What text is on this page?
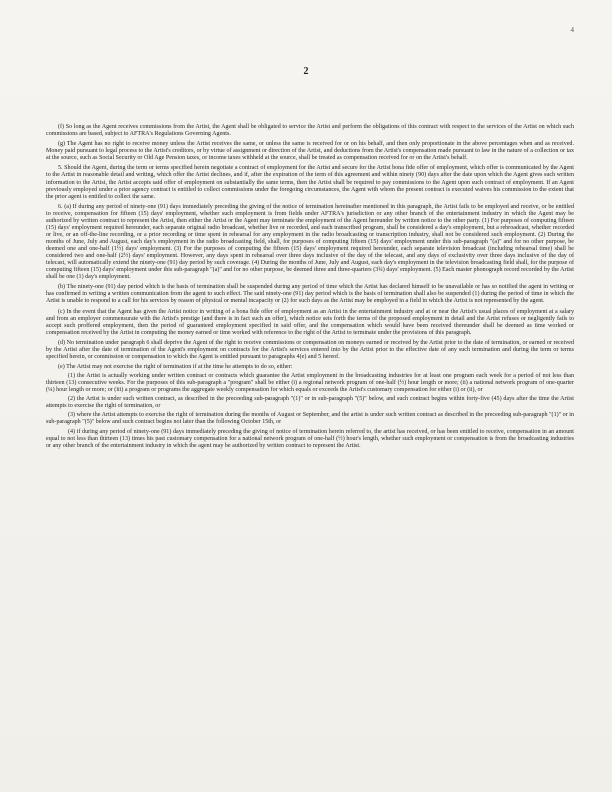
4
2

(f) So long as the Agent receives commissions from the Artist, the Agent shall be obligated to service the Artist and perform the obligations of this contract with respect to the services of the Artist on which such commissions are based, subject to AFTRA's Regulations Governing Agents.

(g) The Agent has no right to receive money unless the Artist receives the same, or unless the same is received for or on his behalf, and then only proportionate in the above percentages when and as received. Money paid pursuant to legal process to the Artist's creditors, or by virtue of assignment or direction of the Artist, and deductions from the Artist's compensation made pursuant to law in the nature of a collection or tax at the source, such as Social Security or Old Age Pension taxes, or income taxes withheld at the source, shall be treated as compensation received for or on the Artist's behalf.

5. Should the Agent, during the term or terms specified herein negotiate a contract of employment for the Artist and secure for the Artist bona fide offer of employment, which offer is communicated by the Agent to the Artist in reasonable detail and writing, which offer the Artist declines, and if, after the expiration of the term of this agreement and within ninety (90) days after the date upon which the Agent gives such written information to the Artist, the Artist accepts said offer of employment on substantially the same terms, then the Artist shall be required to pay commissions to the Agent upon such contract of employment. If an Agent previously employed under a prior agency contract is entitled to collect commissions under the foregoing circumstances, the Agent with whom the present contract is executed waives his commission to the extent that the prior agent is entitled to collect the same.

6. (a) If during any period of ninety-one (91) days immediately preceding the giving of the notice of termination hereinafter mentioned in this paragraph, the Artist fails to be employed and receive, or be entitled to receive, compensation for fifteen (15) days' employment, whether such employment is from fields under AFTRA's jurisdiction or any other branch of the entertainment industry in which the Agent may be authorized by written contract to represent the Artist, then either the Artist or the Agent may terminate the employment of the Agent hereunder by written notice to the other party. (1) For purposes of computing fifteen (15) days' employment required hereunder, each separate original radio broadcast, whether live or recorded, and each transcribed program, shall be considered a day's employment, but a rebroadcast, whether recorded or live, or an off-the-line recording, or a prior recording or time spent in rehearsal for any employment in the radio broadcasting or transcription industry, shall not be considered such employment. (2) During the months of June, July and August, each day's employment in the radio broadcasting field, shall, for purposes of computing fifteen (15) days' employment under this sub-paragraph "(a)" and for no other purpose, be deemed one and one-half (1½) days' employment. (3) For the purposes of computing the fifteen (15) days' employment required hereunder, each separate television broadcast (including rehearsal time) shall be considered two and one-half (2½) days' employment. However, any days spent in rehearsal over three days inclusive of the day of the telecast, and any days of exclusivity over three days inclusive of the day of telecast, will automatically extend the ninety-one (91) day period by such coverage. (4) During the months of June, July and August, each day's employment in the television broadcasting field shall, for the purpose of computing fifteen (15) days' employment under this sub-paragraph "(a)" and for no other purpose, be deemed three and three-quarters (3¾) days' employment. (5) Each master phonograph record recorded by the Artist shall be one (1) day's employment.

(b) The ninety-one (91) day period which is the basis of termination shall be suspended during any period of time which the Artist has declared himself to be unavailable or has so notified the agent in writing or has confirmed in writing a written communication from the agent to such effect. The said ninety-one (91) day period which is the basis of termination shall also be suspended (1) during the period of time in which the Artist is unable to respond to a call for his services by reason of physical or mental incapacity or (2) for such days as the Artist may be employed in a field in which the Artist is not represented by the agent.

(c) In the event that the Agent has given the Artist notice in writing of a bona fide offer of employment as an Artist in the entertainment industry and at or near the Artist's usual places of employment at a salary and from an employer commensurate with the Artist's prestige (and there is in fact such an offer), which notice sets forth the terms of the proposed employment in detail and the Artist refuses or negligently fails to accept such proffered employment, then the period of guaranteed employment specified in said offer, and the compensation which would have been received thereunder shall be deemed as time worked or compensation received by the Artist in computing the money earned or time worked with reference to the right of the Artist to terminate under the provisions of this paragraph.

(d) No termination under paragraph 6 shall deprive the Agent of the right to receive commissions or compensation on moneys earned or received by the Artist prior to the date of termination, or earned or received by the Artist after the date of termination of the Agent's employment on contracts for the Artist's services entered into by the Artist prior to the effective date of any such termination and during the term or terms specified herein, or commission or compensation to which the Agent is entitled pursuant to paragraphs 4(e) and 5 hereof.

(e) The Artist may not exercise the right of termination if at the time he attempts to do so, either:

(1) the Artist is actually working under written contract or contracts which guarantee the Artist employment in the broadcasting industries for at least one program each week for a period of not less than thirteen (13) consecutive weeks. For the purposes of this sub-paragraph a "program" shall be either (i) a regional network program of one-half (½) hour length or more; (ii) a national network program of one-quarter (¼) hour length or more; or (iii) a program or programs the aggregate weekly compensation for which equals or exceeds the Artist's customary compensation for either (i) or (ii), or

(2) the Artist is under such written contract, as described in the preceeding sub-paragraph "(1)" or in sub-paragraph "(5)" below, and such contract begins within forty-five (45) days after the time the Artist attempts to exercise the right of termination, or

(3) where the Artist attempts to exercise the right of termination during the months of August or September, and the artist is under such written contract as described in the preceeding sub-paragraph "(1)" or in sub-paragraph "(5)" below and such contract begins not later than the following October 15th, or

(4) if during any period of ninety-one (91) days immediately preceding the giving of notice of termination herein referred to, the artist has received, or has been entitled to receive, compensation in an amount equal to not less than thirteen (13) times his past customary compensation for a national network program of one-half (½) hour's length, whether such employment or compensation is from the broadcasting industries or any other branch of the entertainment industry in which the agent may be authorized by written contract to represent the Artist.
